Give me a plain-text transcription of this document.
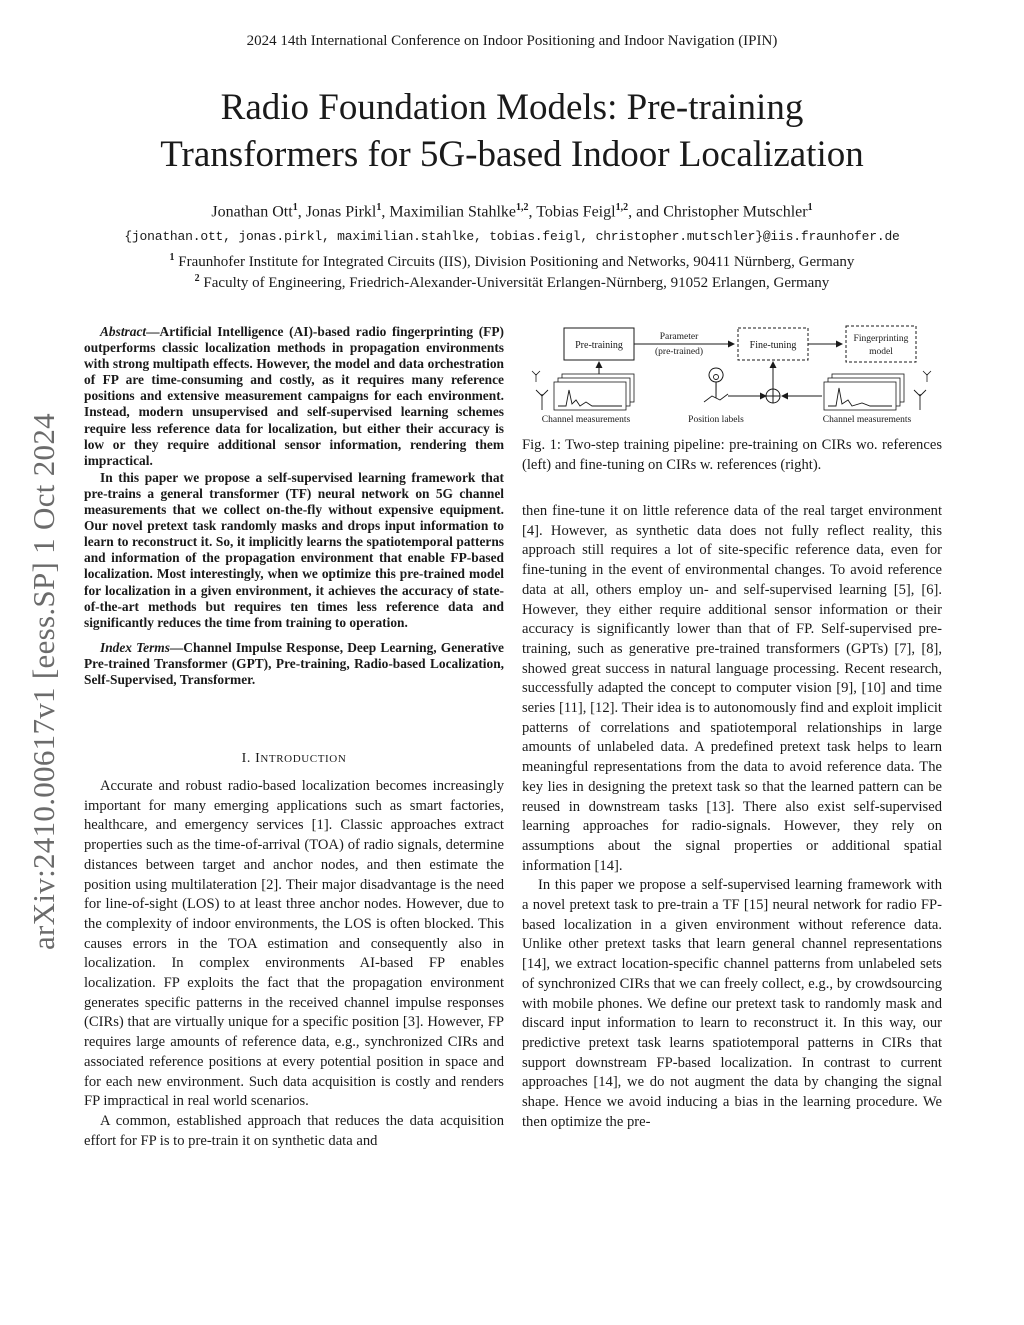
2024 14th International Conference on Indoor Positioning and Indoor Navigation (IPIN)
Radio Foundation Models: Pre-training
Transformers for 5G-based Indoor Localization
Jonathan Ott$^1$, Jonas Pirkl$^1$, Maximilian Stahlke$^{1,2}$, Tobias Feigl$^{1,2}$, and Christopher Mutschler$^1$
{jonathan.ott, jonas.pirkl, maximilian.stahlke, tobias.feigl, christopher.mutschler}@iis.fraunhofer.de
$^1$ Fraunhofer Institute for Integrated Circuits (IIS), Division Positioning and Networks, 90411 Nürnberg, Germany
$^2$ Faculty of Engineering, Friedrich-Alexander-Universität Erlangen-Nürnberg, 91052 Erlangen, Germany
arXiv:2410.00617v1 [eess.SP] 1 Oct 2024

Abstract—Artificial Intelligence (AI)-based radio fingerprinting (FP) outperforms classic localization methods in propagation environments with strong multipath effects. However, the model and data orchestration of FP are time-consuming and costly, as it requires many reference positions and extensive measurement campaigns for each environment. Instead, modern unsupervised and self-supervised learning schemes require less reference data for localization, but either their accuracy is low or they require additional sensor information, rendering them impractical.

In this paper we propose a self-supervised learning framework that pre-trains a general transformer (TF) neural network on 5G channel measurements that we collect on-the-fly without expensive equipment. Our novel pretext task randomly masks and drops input information to learn to reconstruct it. So, it implicitly learns the spatiotemporal patterns and information of the propagation environment that enable FP-based localization. Most interestingly, when we optimize this pre-trained model for localization in a given environment, it achieves the accuracy of state-of-the-art methods but requires ten times less reference data and significantly reduces the time from training to operation.

Index Terms—Channel Impulse Response, Deep Learning, Generative Pre-trained Transformer (GPT), Pre-training, Radio-based Localization, Self-Supervised, Transformer.

I. INTRODUCTION

Accurate and robust radio-based localization becomes increasingly important for many emerging applications such as smart factories, healthcare, and emergency services [1]. Classic approaches extract properties such as the time-of-arrival (TOA) of radio signals, determine distances between target and anchor nodes, and then estimate the position using multilateration [2]. Their major disadvantage is the need for line-of-sight (LOS) to at least three anchor nodes. However, due to the complexity of indoor environments, the LOS is often blocked. This causes errors in the TOA estimation and consequently also in localization. In complex environments AI-based FP enables localization. FP exploits the fact that the propagation environment generates specific patterns in the received channel impulse responses (CIRs) that are virtually unique for a specific position [3]. However, FP requires large amounts of reference data, e.g., synchronized CIRs and associated reference positions at every potential position in space and for each new environment. Such data acquisition is costly and renders FP impractical in real world scenarios.

A common, established approach that reduces the data acquisition effort for FP is to pre-train it on synthetic data and

Pre-training
Parameter
(pre-trained)
Fine-tuning
Fingerprinting
model
Channel measurements	Position labels	Channel measurements
Fig. 1: Two-step training pipeline: pre-training on CIRs wo. references (left) and fine-tuning on CIRs w. references (right).

then fine-tune it on little reference data of the real target environment [4]. However, as synthetic data does not fully reflect reality, this approach still requires a lot of site-specific reference data, even for fine-tuning in the event of environmental changes. To avoid reference data at all, others employ un- and self-supervised learning [5], [6]. However, they either require additional sensor information or their accuracy is significantly lower than that of FP. Self-supervised pre-training, such as generative pre-trained transformers (GPTs) [7], [8], showed great success in natural language processing. Recent research, successfully adapted the concept to computer vision [9], [10] and time series [11], [12]. Their idea is to autonomously find and exploit implicit patterns of correlations and spatiotemporal relationships in large amounts of unlabeled data. A predefined pretext task helps to learn meaningful representations from the data to avoid reference data. The key lies in designing the pretext task so that the learned pattern can be reused in downstream tasks [13]. There also exist self-supervised learning approaches for radio-signals. However, they rely on assumptions about the signal properties or additional spatial information [14].

In this paper we propose a self-supervised learning framework with a novel pretext task to pre-train a TF [15] neural network for radio FP-based localization in a given environment without reference data. Unlike other pretext tasks that learn general channel representations [14], we extract location-specific channel patterns from unlabeled sets of synchronized CIRs that we can freely collect, e.g., by crowdsourcing with mobile phones. We define our pretext task to randomly mask and discard input information to learn to reconstruct it. In this way, our predictive pretext task learns spatiotemporal patterns in CIRs that support downstream FP-based localization. In contrast to current approaches [14], we do not augment the data by changing the signal shape. Hence we avoid inducing a bias in the learning procedure. We then optimize the pre-
